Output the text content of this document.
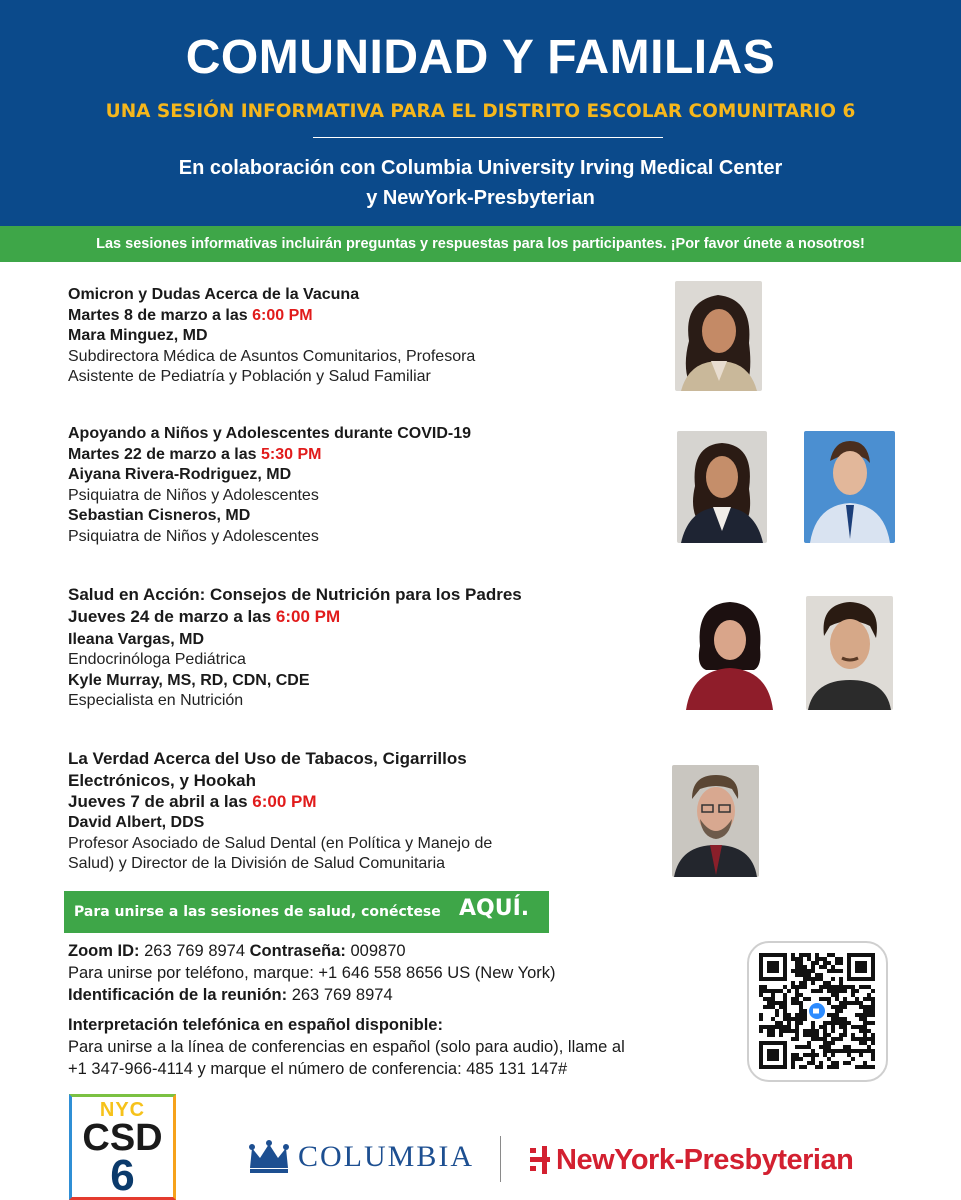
COMUNIDAD Y FAMILIAS
UNA SESIÓN INFORMATIVA PARA EL DISTRITO ESCOLAR COMUNITARIO 6
En colaboración con Columbia University Irving Medical Center
y NewYork-Presbyterian
Las sesiones informativas incluirán preguntas y respuestas para los participantes. ¡Por favor únete a nosotros!
Omicron y Dudas Acerca de la Vacuna
Martes 8 de marzo a las 6:00 PM
Mara Minguez, MD
Subdirectora Médica de Asuntos Comunitarios, Profesora
Asistente de Pediatría y Población y Salud Familiar
Apoyando a Niños y Adolescentes durante COVID-19
Martes 22 de marzo a las 5:30 PM
Aiyana Rivera-Rodriguez, MD
Psiquiatra de Niños y Adolescentes
Sebastian Cisneros, MD
Psiquiatra de Niños y Adolescentes
Salud en Acción: Consejos de Nutrición para los Padres
Jueves 24 de marzo a las 6:00 PM
Ileana Vargas, MD
Endocrinóloga Pediátrica
Kyle Murray, MS, RD, CDN, CDE
Especialista en Nutrición
La Verdad Acerca del Uso de Tabacos, Cigarrillos
Electrónicos, y Hookah
Jueves 7 de abril a las 6:00 PM
David Albert, DDS
Profesor Asociado de Salud Dental (en Política y Manejo de
Salud) y Director de la División de Salud Comunitaria
Para unirse a las sesiones de salud, conéctese AQUÍ.
Zoom ID: 263 769 8974 Contraseña: 009870
Para unirse por teléfono, marque: +1 646 558 8656 US (New York)
Identificación de la reunión: 263 769 8974
Interpretación telefónica en español disponible:
Para unirse a la línea de conferencias en español (solo para audio), llame al
+1 347-966-4114 y marque el número de conferencia: 485 131 147#
NYC
CSD
6	COLUMBIA	NewYork-Presbyterian
